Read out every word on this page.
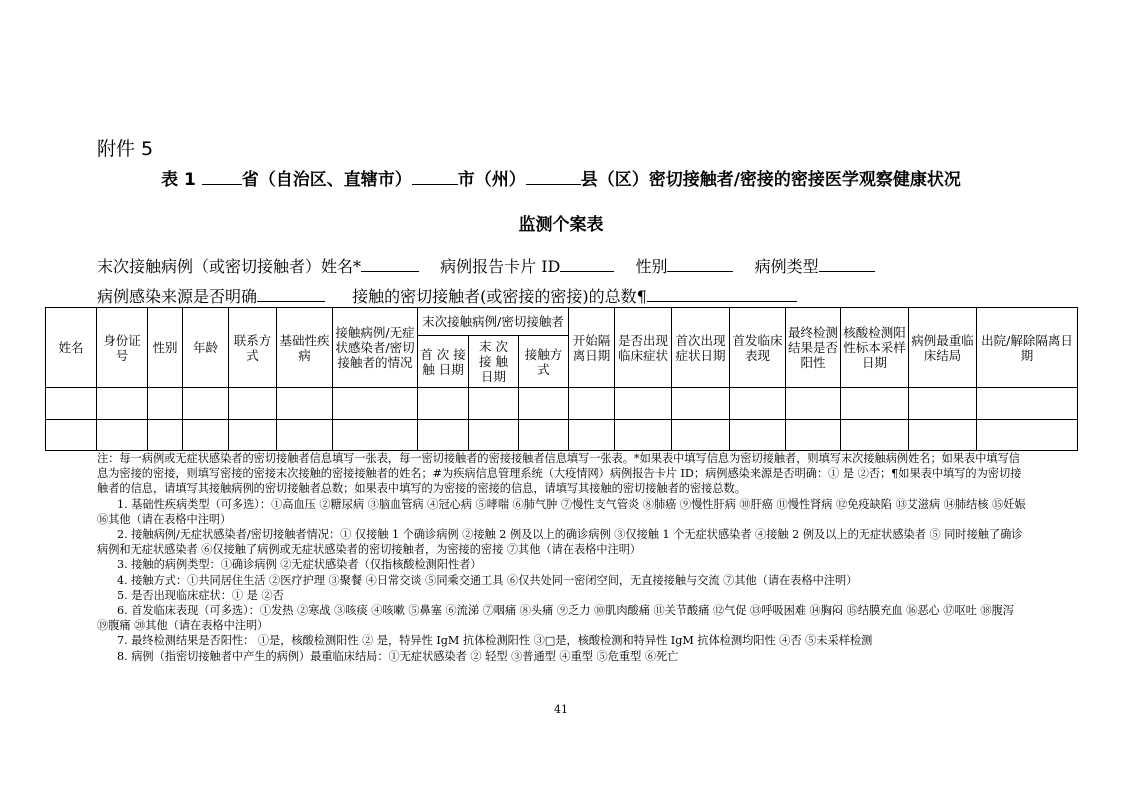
附件 5
表 1	省（自治区、直辖市）	市（州）	县（区）密切接触者/密接的密接医学观察健康状况
监测个案表
末次接触病例（或密切接触者）姓名*	病例报告卡片 ID	性别	病例类型
病例感染来源是否明确	接触的密切接触者(或密接的密接)的总数¶
姓名	身份证号	性别	年龄	联系方式	基础性疾病	接触病例/无症状感染者/密切接触者的情况	末次接触病例/密切接触者			开始隔离日期	是否出现临床症状	首次出现症状日期	首发临床表现	最终检测结果是否阳性	核酸检测阳性标本采样日期	病例最重临床结局	出院/解除隔离日期
							首 次 接 触 日期	末 次 接 触 日期	接触方式								

注：每一病例或无症状感染者的密切接触者信息填写一张表，每一密切接触者的密接接触者信息填写一张表。*如果表中填写信息为密切接触者，则填写末次接触病例姓名；如果表中填写信息为密接的密接，则填写密接的密接末次接触的密接接触者的姓名；#为疾病信息管理系统（大疫情网）病例报告卡片 ID；病例感染来源是否明确：① 是 ②否；¶如果表中填写的为密切接触者的信息，请填写其接触病例的密切接触者总数；如果表中填写的为密接的密接的信息，请填写其接触的密切接触者的密接总数。

1. 基础性疾病类型（可多选）：①高血压 ②糖尿病 ③脑血管病 ④冠心病 ⑤哮喘 ⑥肺气肿 ⑦慢性支气管炎 ⑧肺癌 ⑨慢性肝病 ⑩肝癌 ⑪慢性肾病 ⑫免疫缺陷 ⑬艾滋病 ⑭肺结核 ⑮妊娠 ⑯其他（请在表格中注明）

2. 接触病例/无症状感染者/密切接触者情况：① 仅接触 1 个确诊病例 ②接触 2 例及以上的确诊病例 ③仅接触 1 个无症状感染者 ④接触 2 例及以上的无症状感染者 ⑤ 同时接触了确诊病例和无症状感染者 ⑥仅接触了病例或无症状感染者的密切接触者，为密接的密接 ⑦其他（请在表格中注明）

3. 接触的病例类型：①确诊病例 ②无症状感染者（仅指核酸检测阳性者）

4. 接触方式：①共同居住生活 ②医疗护理 ③聚餐 ④日常交谈 ⑤同乘交通工具 ⑥仅共处同一密闭空间，无直接接触与交流 ⑦其他（请在表格中注明）

5. 是否出现临床症状：① 是 ②否

6. 首发临床表现（可多选）：①发热 ②寒战 ③咳痰 ④咳嗽 ⑤鼻塞 ⑥流涕 ⑦咽痛 ⑧头痛 ⑨乏力 ⑩肌肉酸痛 ⑪关节酸痛 ⑫气促 ⑬呼吸困难 ⑭胸闷 ⑮结膜充血 ⑯恶心 ⑰呕吐 ⑱腹泻 ⑲腹痛 ⑳其他（请在表格中注明）

7. 最终检测结果是否阳性： ①是，核酸检测阳性 ② 是，特异性 IgM 抗体检测阳性 ③□是，核酸检测和特异性 IgM 抗体检测均阳性 ④否 ⑤未采样检测

8. 病例（指密切接触者中产生的病例）最重临床结局：①无症状感染者 ② 轻型 ③普通型 ④重型 ⑤危重型 ⑥死亡

41
